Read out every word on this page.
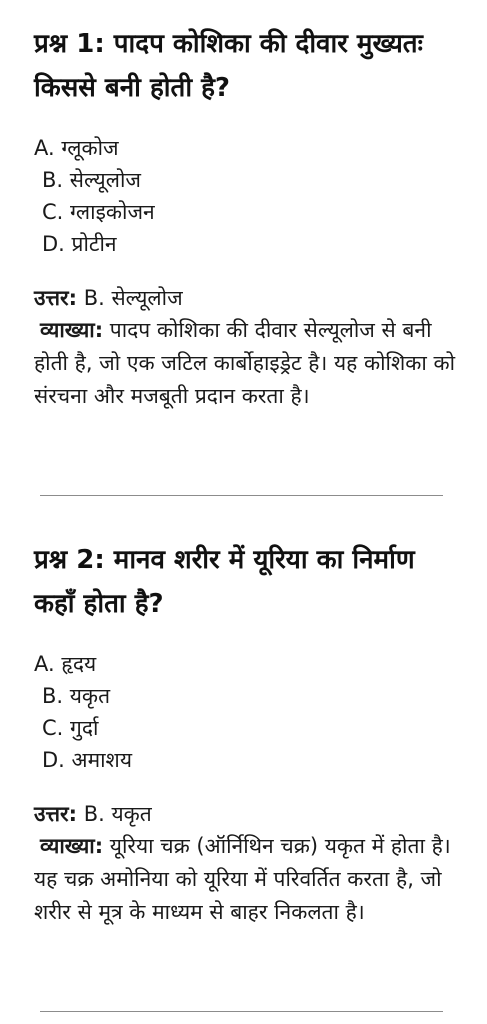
प्रश्न 1: पादप कोशिका की दीवार मुख्यतः किससे बनी होती है?
A. ग्लूकोज
B. सेल्यूलोज
C. ग्लाइकोजन
D. प्रोटीन
उत्तर: B. सेल्यूलोज
व्याख्या: पादप कोशिका की दीवार सेल्यूलोज से बनी होती है, जो एक जटिल कार्बोहाइड्रेट है। यह कोशिका को संरचना और मजबूती प्रदान करता है।
प्रश्न 2: मानव शरीर में यूरिया का निर्माण कहाँ होता है?
A. हृदय
B. यकृत
C. गुर्दा
D. अमाशय
उत्तर: B. यकृत
व्याख्या: यूरिया चक्र (ऑर्निथिन चक्र) यकृत में होता है। यह चक्र अमोनिया को यूरिया में परिवर्तित करता है, जो शरीर से मूत्र के माध्यम से बाहर निकलता है।
